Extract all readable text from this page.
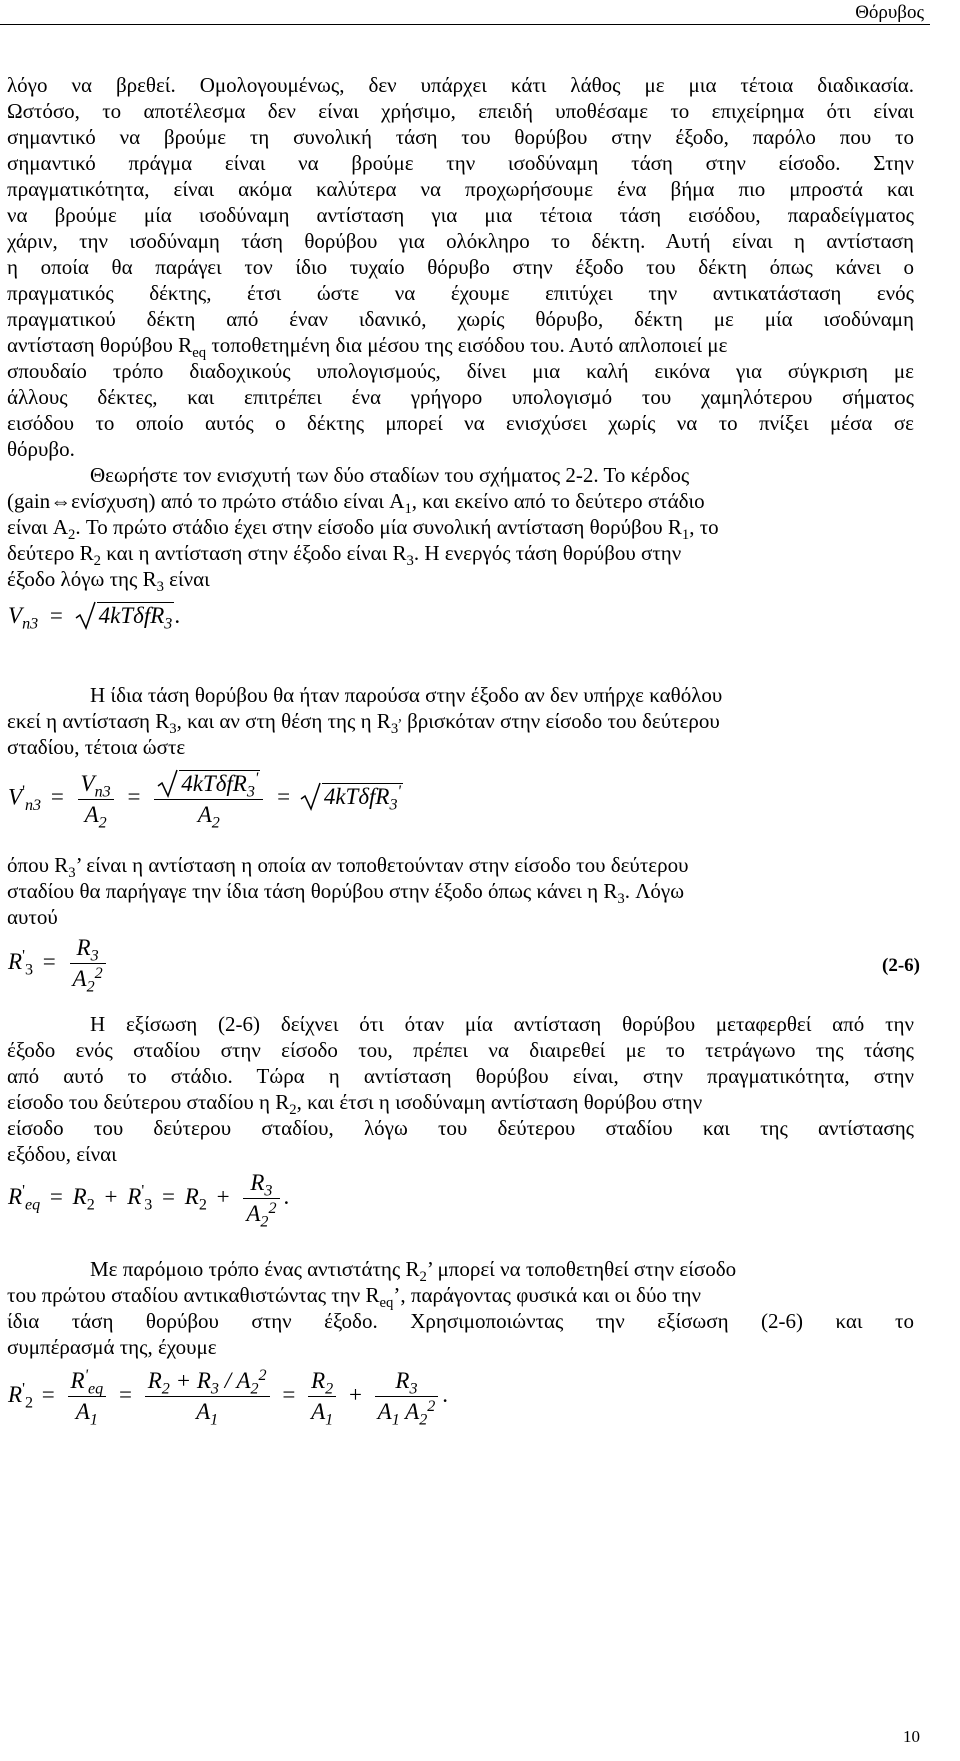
Θόρυβος
λόγο να βρεθεί. Ομολογουμένως, δεν υπάρχει κάτι λάθος με μια τέτοια διαδικασία.
Ωστόσο, το αποτέλεσμα δεν είναι χρήσιμο, επειδή υποθέσαμε το επιχείρημα ότι είναι
σημαντικό να βρούμε τη συνολική τάση του θορύβου στην έξοδο, παρόλο που το
σημαντικό πράγμα είναι να βρούμε την ισοδύναμη τάση στην είσοδο. Στην
πραγματικότητα, είναι ακόμα καλύτερα να προχωρήσουμε ένα βήμα πιο μπροστά και
να βρούμε μία ισοδύναμη αντίσταση για μια τέτοια τάση εισόδου, παραδείγματος
χάριν, την ισοδύναμη τάση θορύβου για ολόκληρο το δέκτη. Αυτή είναι η αντίσταση
η οποία θα παράγει τον ίδιο τυχαίο θόρυβο στην έξοδο του δέκτη όπως κάνει ο
πραγματικός δέκτης, έτσι ώστε να έχουμε επιτύχει την αντικατάσταση ενός
πραγματικού δέκτη από έναν ιδανικό, χωρίς θόρυβο, δέκτη με μία ισοδύναμη
αντίσταση θορύβου $R_{eq}$ τοποθετημένη δια μέσου της εισόδου του. Αυτό απλοποιεί με
σπουδαίο τρόπο διαδοχικούς υπολογισμούς, δίνει μια καλή εικόνα για σύγκριση με
άλλους δέκτες, και επιτρέπει ένα γρήγορο υπολογισμό του χαμηλότερου σήματος
εισόδου το οποίο αυτός ο δέκτης μπορεί να ενισχύσει χωρίς να το πνίξει μέσα σε
θόρυβο.
Θεωρήστε τον ενισχυτή των δύο σταδίων του σχήματος 2-2. Το κέρδος
(gain⇔ενίσχυση) από το πρώτο στάδιο είναι $A_1$, και εκείνο από το δεύτερο στάδιο
είναι $A_2$. Το πρώτο στάδιο έχει στην είσοδο μία συνολική αντίσταση θορύβου $R_1$, το
δεύτερο $R_2$ και η αντίσταση στην έξοδο είναι $R_3$. Η ενεργός τάση θορύβου στην
έξοδο λόγω της $R_3$ είναι
$V_{n3} = 4kT\delta fR_3$.
Η ίδια τάση θορύβου θα ήταν παρούσα στην έξοδο αν δεν υπήρχε καθόλου
εκεί η αντίσταση $R_3$, και αν στη θέση της η $R_3^,$ βρισκόταν στην είσοδο του δεύτερου
σταδίου, τέτοια ώστε
$V'_{n3} = \frac{V_{n3}}{A_2} = \frac{4kT\delta fR_3'}{A_2} = 4kT\delta fR_3'$
όπου $R_3$’ είναι η αντίσταση η οποία αν τοποθετούνταν στην είσοδο του δεύτερου
σταδίου θα παρήγαγε την ίδια τάση θορύβου στην έξοδο όπως κάνει η $R_3$. Λόγω
αυτού
$R'_3 = \frac{R_3}{A_2^2}$	(2-6)
Η εξίσωση (2-6) δείχνει ότι όταν μία αντίσταση θορύβου μεταφερθεί από την
έξοδο ενός σταδίου στην είσοδο του, πρέπει να διαιρεθεί με το τετράγωνο της τάσης
από αυτό το στάδιο. Τώρα η αντίσταση θορύβου είναι, στην πραγματικότητα, στην
είσοδο του δεύτερου σταδίου η $R_2$, και έτσι η ισοδύναμη αντίσταση θορύβου στην
είσοδο του δεύτερου σταδίου, λόγω του δεύτερου σταδίου και της αντίστασης
εξόδου, είναι
$R'_{eq} = R_2 + R'_3 = R_2 + \frac{R_3}{A_2^2}$ .
Με παρόμοιο τρόπο ένας αντιστάτης $R_2$’ μπορεί να τοποθετηθεί στην είσοδο
του πρώτου σταδίου αντικαθιστώντας την $R_{eq}$’, παράγοντας φυσικά και οι δύο την
ίδια τάση θορύβου στην έξοδο. Χρησιμοποιώντας την εξίσωση (2-6) και το
συμπέρασμά της, έχουμε
$R'_2 = \frac{R'_{eq}}{A_1} = \frac{R_2 + R_3 / A_2^2}{A_1} = \frac{R_2}{A_1} + \frac{R_3}{A_1 A_2^2}$ .
10
